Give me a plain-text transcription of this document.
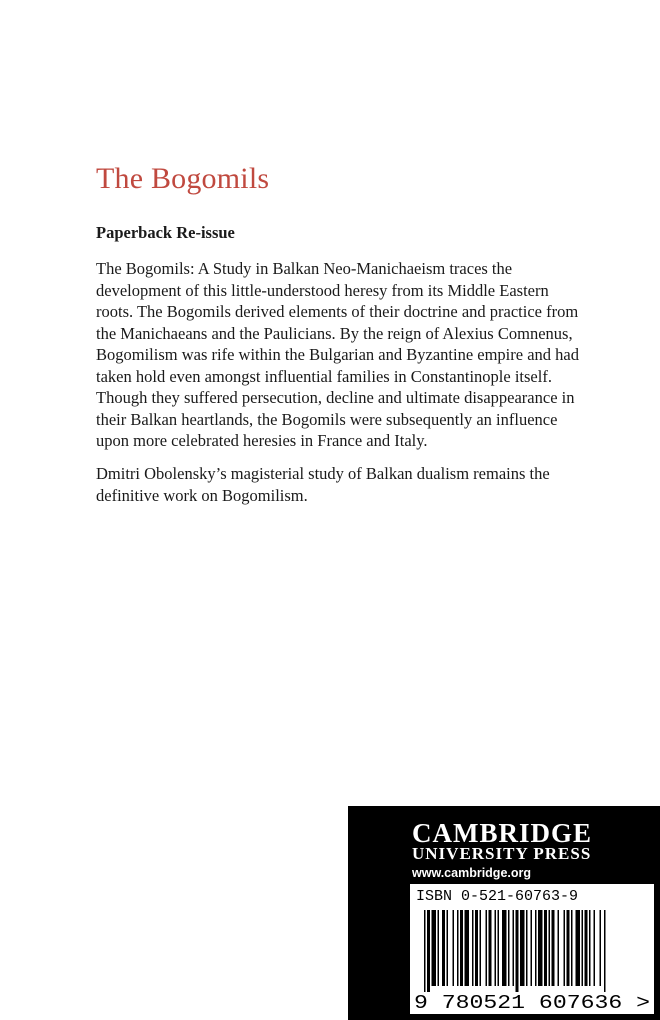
The Bogomils
Paperback Re-issue

The Bogomils: A Study in Balkan Neo-Manichaeism traces the development of this little-understood heresy from its Middle Eastern roots. The Bogomils derived elements of their doctrine and practice from the Manichaeans and the Paulicians. By the reign of Alexius Comnenus, Bogomilism was rife within the Bulgarian and Byzantine empire and had taken hold even amongst influential families in Constantinople itself. Though they suffered persecution, decline and ultimate disappearance in their Balkan heartlands, the Bogomils were subsequently an influence upon more celebrated heresies in France and Italy.

Dmitri Obolensky’s magisterial study of Balkan dualism remains the definitive work on Bogomilism.

CAMBRIDGE
UNIVERSITY PRESS
www.cambridge.org
ISBN 0-521-60763-9
9 780521 607636 >
